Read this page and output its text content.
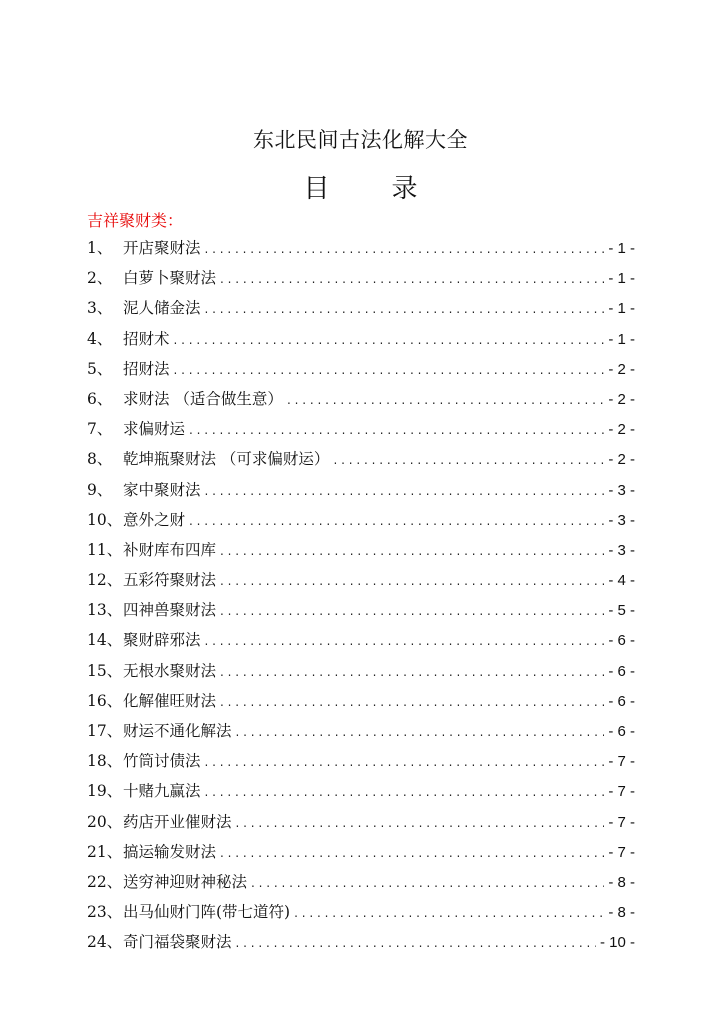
东北民间古法化解大全
目　录
吉祥聚财类：
1、 开店聚财法 . . .	- 1 -
2、 白萝卜聚财法 . . .	- 1 -
3、 泥人储金法 . . .	- 1 -
4、 招财术 . . .	- 1 -
5、 招财法 . . .	- 2 -
6、 求财法 （适合做生意） . . .	- 2 -
7、 求偏财运 . . .	- 2 -
8、 乾坤瓶聚财法 （可求偏财运） . . .	- 2 -
9、 家中聚财法 . . .	- 3 -
10、 意外之财 . . .	- 3 -
11、 补财库布四库 . . .	- 3 -
12、 五彩符聚财法 . . .	- 4 -
13、 四神兽聚财法 . . .	- 5 -
14、 聚财辟邪法 . . .	- 6 -
15、 无根水聚财法 . . .	- 6 -
16、 化解催旺财法 . . .	- 6 -
17、 财运不通化解法 . . .	- 6 -
18、 竹筒讨债法 . . .	- 7 -
19、 十赌九赢法 . . .	- 7 -
20、 药店开业催财法 . . .	- 7 -
21、 搞运输发财法 . . .	- 7 -
22、 送穷神迎财神秘法 . . .	- 8 -
23、 出马仙财门阵(带七道符) . . .	- 8 -
24、 奇门福袋聚财法 . . .	- 10 -
